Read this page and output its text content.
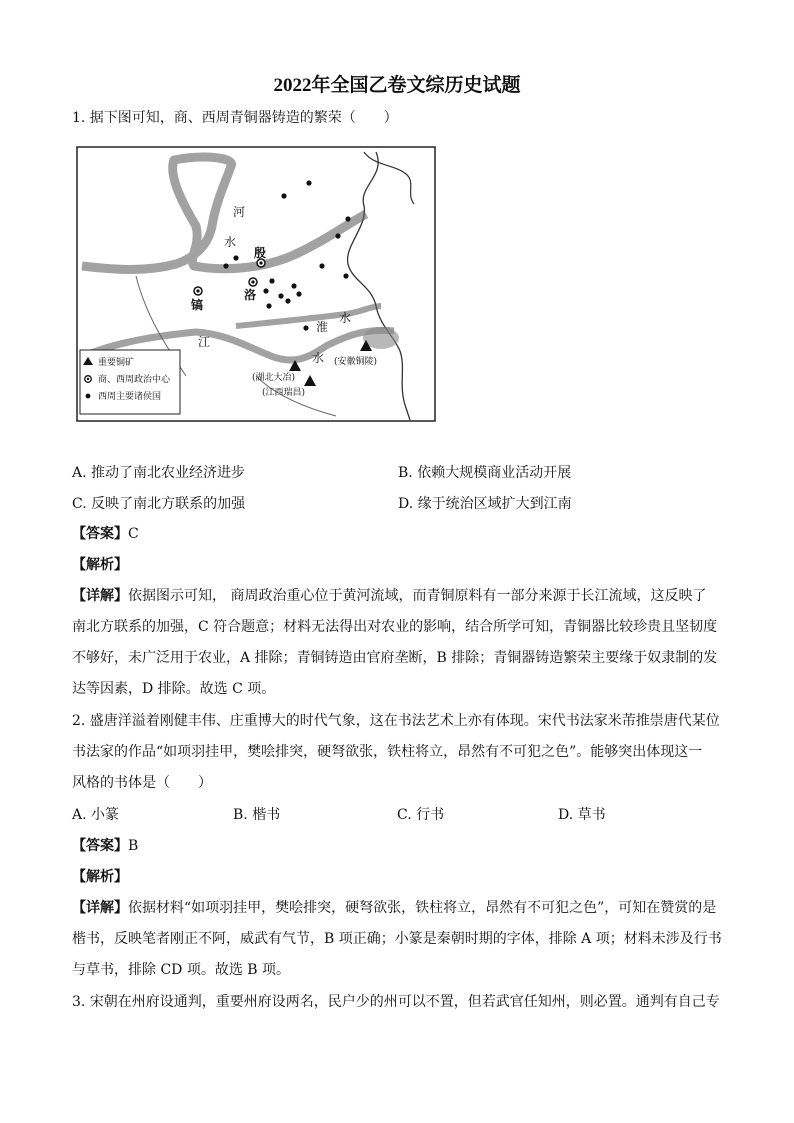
2022年全国乙卷文综历史试题
1. 据下图可知，商、西周青铜器铸造的繁荣（　　）
河
水
江
淮
水
水
殷
洛
镐
(安徽铜陵)
(湖北大冶)
(江西瑞昌)
重要铜矿
商、西周政治中心
西周主要诸侯国
A. 推动了南北农业经济进步	B. 依赖大规模商业活动开展
C. 反映了南北方联系的加强	D. 缘于统治区域扩大到江南
【答案】C
【解析】
【详解】依据图示可知， 商周政治重心位于黄河流域，而青铜原料有一部分来源于长江流域，这反映了
南北方联系的加强，C 符合题意；材料无法得出对农业的影响，结合所学可知，青铜器比较珍贵且坚韧度
不够好，未广泛用于农业，A 排除；青铜铸造由官府垄断，B 排除；青铜器铸造繁荣主要缘于奴隶制的发
达等因素，D 排除。故选 C 项。
2. 盛唐洋溢着刚健丰伟、庄重博大的时代气象，这在书法艺术上亦有体现。宋代书法家米芾推崇唐代某位
书法家的作品“如项羽挂甲，樊哙排突，硬弩欲张，铁柱将立，昂然有不可犯之色”。能够突出体现这一
风格的书体是（　　）
A. 小篆	B. 楷书	C. 行书	D. 草书
【答案】B
【解析】
【详解】依据材料“如项羽挂甲，樊哙排突，硬弩欲张，铁柱将立，昂然有不可犯之色”，可知在赞赏的是
楷书，反映笔者刚正不阿，威武有气节，B 项正确；小篆是秦朝时期的字体，排除 A 项；材料未涉及行书
与草书，排除 CD 项。故选 B 项。
3. 宋朝在州府设通判，重要州府设两名，民户少的州可以不置，但若武官任知州，则必置。通判有自己专
